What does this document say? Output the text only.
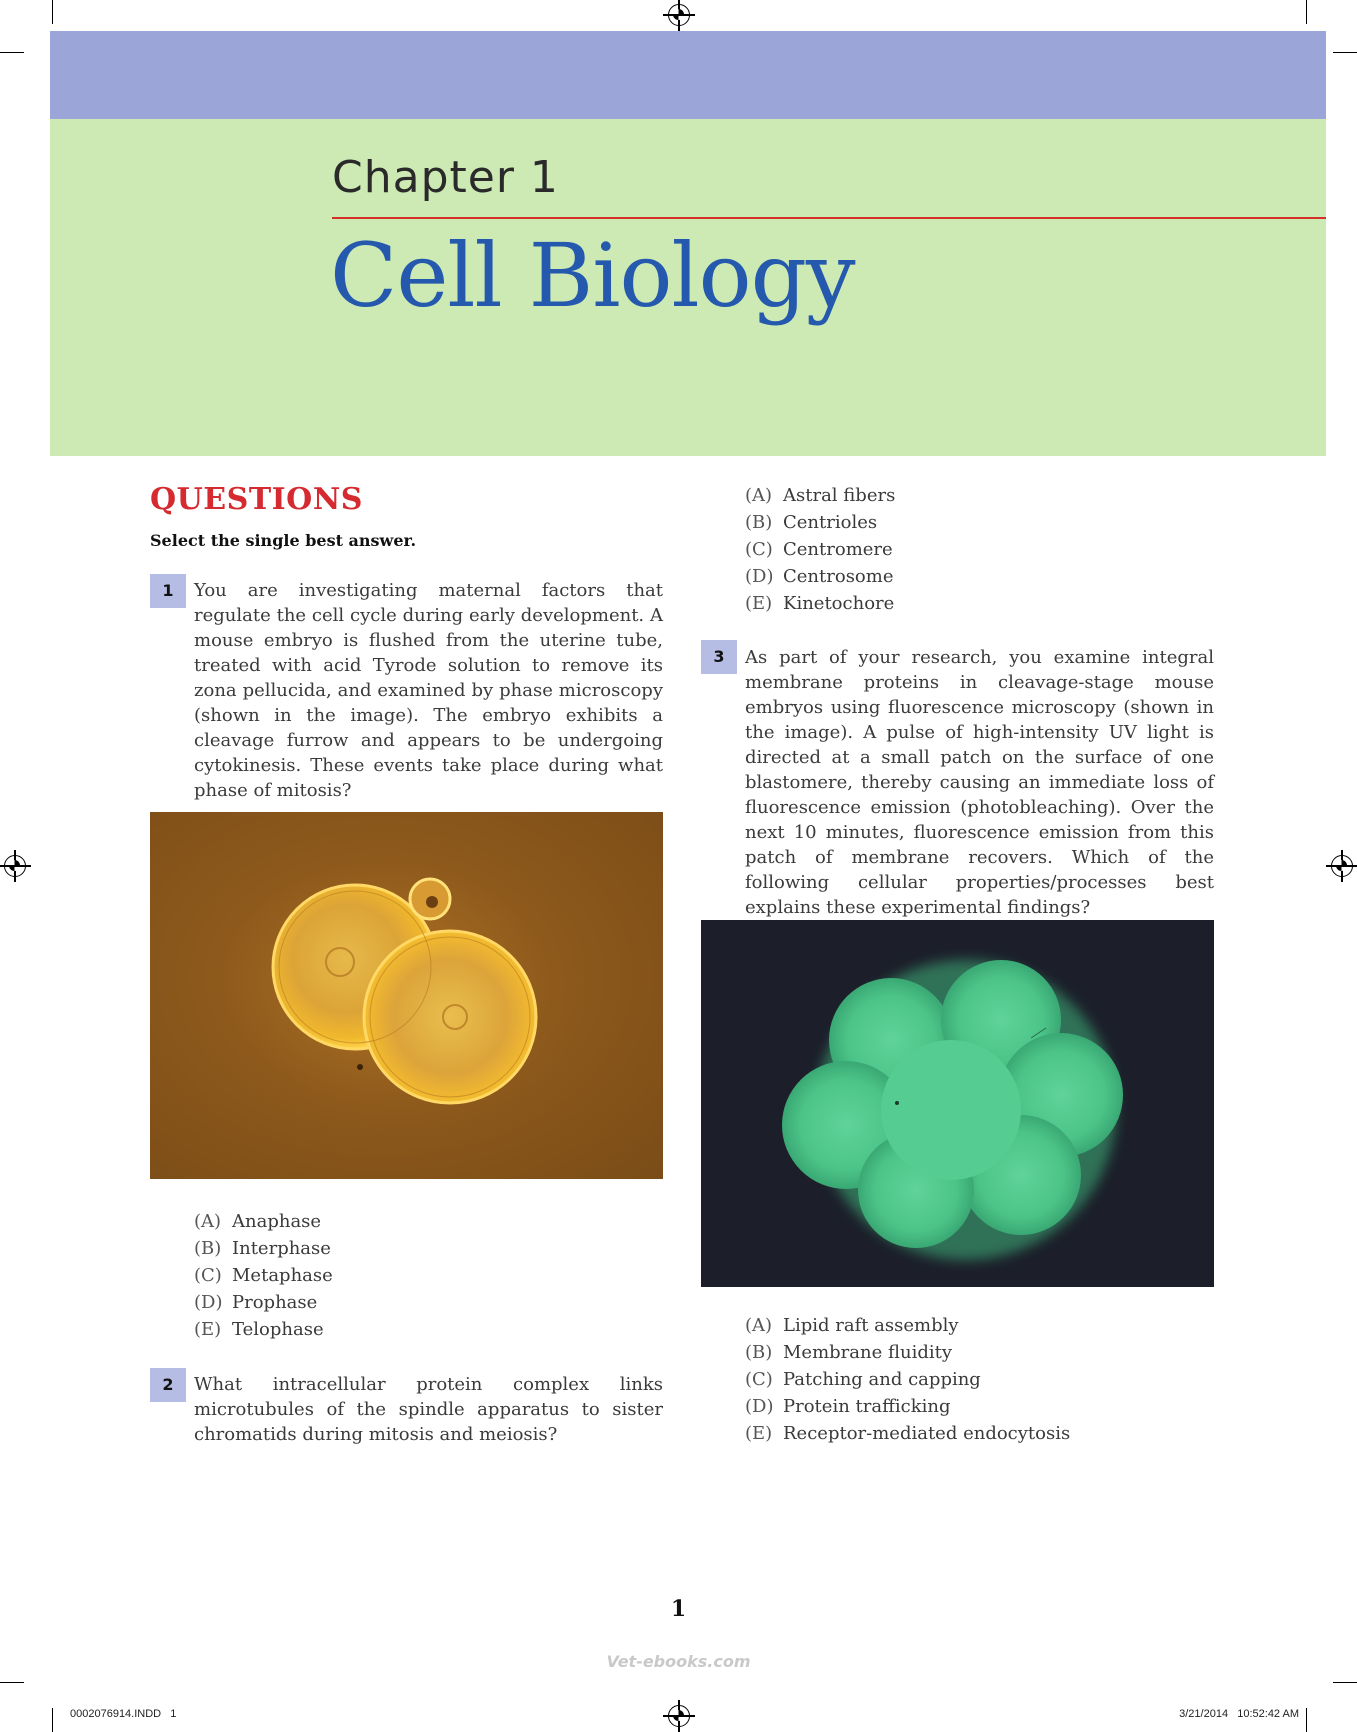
Chapter 1
Cell Biology
QUESTIONS
Select the single best answer.
1	You are investigating maternal factors that regulate the cell cycle during early development. A mouse embryo is flushed from the uterine tube, treated with acid Tyrode solution to remove its zona pellucida, and examined by phase microscopy (shown in the image). The embryo exhibits a cleavage furrow and appears to be undergoing cytokinesis. These events take place during what phase of mitosis?
(A) Anaphase
(B) Interphase
(C) Metaphase
(D) Prophase
(E) Telophase
2	What intracellular protein complex links microtubules of the spindle apparatus to sister chromatids during mitosis and meiosis?
(A) Astral fibers
(B) Centrioles
(C) Centromere
(D) Centrosome
(E) Kinetochore
3	As part of your research, you examine integral membrane proteins in cleavage-stage mouse embryos using fluorescence microscopy (shown in the image). A pulse of high-intensity UV light is directed at a small patch on the surface of one blastomere, thereby causing an immediate loss of fluorescence emission (photobleaching). Over the next 10 minutes, fluorescence emission from this patch of membrane recovers. Which of the following cellular properties/processes best explains these experimental findings?
(A) Lipid raft assembly
(B) Membrane fluidity
(C) Patching and capping
(D) Protein trafficking
(E) Receptor-mediated endocytosis
1
Vet-ebooks.com
0002076914.INDD   1	3/21/2014   10:52:42 AM
